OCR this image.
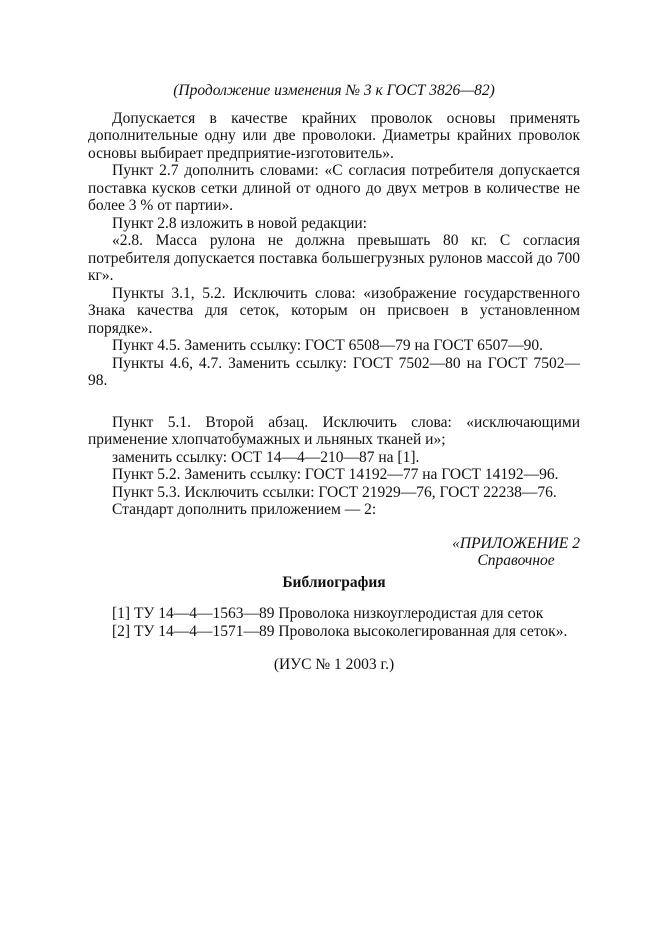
(Продолжение изменения № 3 к ГОСТ 3826—82)

Допускается в качестве крайних проволок основы применять дополнительные одну или две проволоки. Диаметры крайних проволок основы выбирает предприятие-изготовитель».

Пункт 2.7 дополнить словами: «С согласия потребителя допускается поставка кусков сетки длиной от одного до двух метров в количестве не более 3 % от партии».

Пункт 2.8 изложить в новой редакции:

«2.8. Масса рулона не должна превышать 80 кг. С согласия потребителя допускается поставка большегрузных рулонов массой до 700 кг».

Пункты 3.1, 5.2. Исключить слова: «изображение государственного Знака качества для сеток, которым он присвоен в установленном порядке».

Пункт 4.5. Заменить ссылку: ГОСТ 6508—79 на ГОСТ 6507—90.

Пункты 4.6, 4.7. Заменить ссылку: ГОСТ 7502—80 на ГОСТ 7502—98.

Пункт 5.1. Второй абзац. Исключить слова: «исключающими применение хлопчатобумажных и льняных тканей и»;

заменить ссылку: ОСТ 14—4—210—87 на [1].

Пункт 5.2. Заменить ссылку: ГОСТ 14192—77 на ГОСТ 14192—96.

Пункт 5.3. Исключить ссылки: ГОСТ 21929—76, ГОСТ 22238—76.

Стандарт дополнить приложением — 2:

«ПРИЛОЖЕНИЕ 2
Справочное
Библиография

[1] ТУ 14—4—1563—89 Проволока низкоуглеродистая для сеток

[2] ТУ 14—4—1571—89 Проволока высоколегированная для сеток».

(ИУС № 1 2003 г.)
